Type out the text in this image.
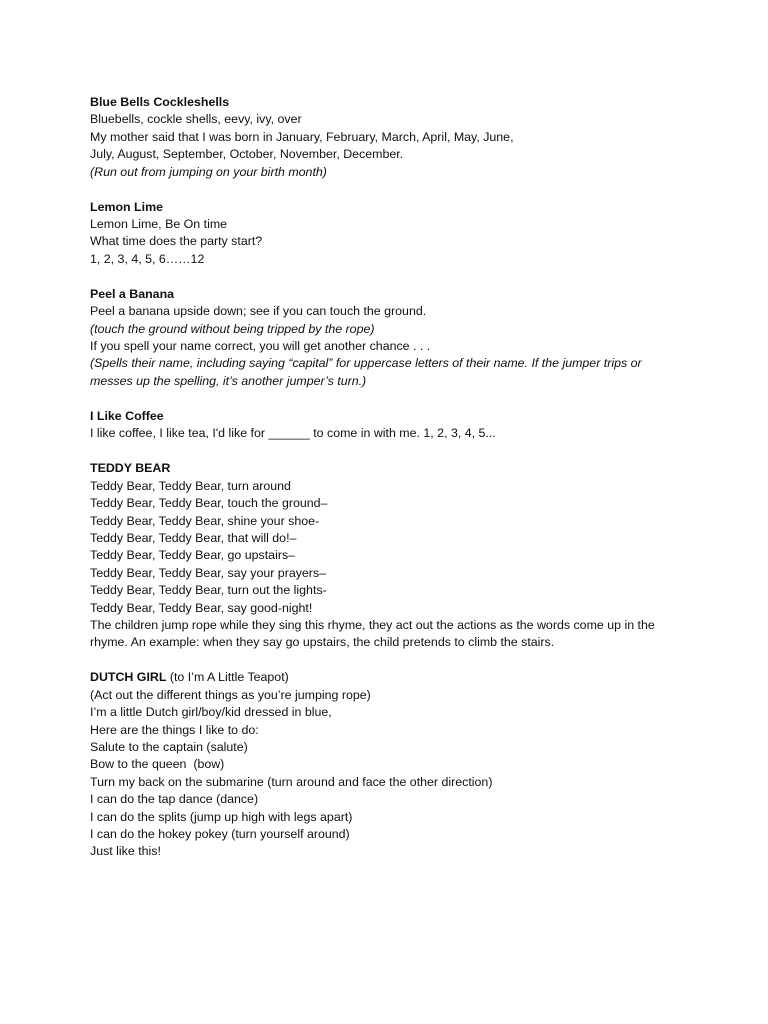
Blue Bells Cockleshells
Bluebells, cockle shells, eevy, ivy, over
My mother said that I was born in January, February, March, April, May, June,
July, August, September, October, November, December.
(Run out from jumping on your birth month)
Lemon Lime
Lemon Lime, Be On time
What time does the party start?
1, 2, 3, 4, 5, 6……12
Peel a Banana
Peel a banana upside down; see if you can touch the ground.
(touch the ground without being tripped by the rope)
If you spell your name correct, you will get another chance . . .
(Spells their name, including saying “capital” for uppercase letters of their name. If the jumper trips or
messes up the spelling, it’s another jumper’s turn.)
I Like Coffee
I like coffee, I like tea, I'd like for ______ to come in with me. 1, 2, 3, 4, 5...
TEDDY BEAR
Teddy Bear, Teddy Bear, turn around
Teddy Bear, Teddy Bear, touch the ground–
Teddy Bear, Teddy Bear, shine your shoe-
Teddy Bear, Teddy Bear, that will do!–
Teddy Bear, Teddy Bear, go upstairs–
Teddy Bear, Teddy Bear, say your prayers–
Teddy Bear, Teddy Bear, turn out the lights-
Teddy Bear, Teddy Bear, say good-night!
The children jump rope while they sing this rhyme, they act out the actions as the words come up in the
rhyme. An example: when they say go upstairs, the child pretends to climb the stairs.
DUTCH GIRL (to I’m A Little Teapot)
(Act out the different things as you’re jumping rope)
I’m a little Dutch girl/boy/kid dressed in blue,
Here are the things I like to do:
Salute to the captain (salute)
Bow to the queen  (bow)
Turn my back on the submarine (turn around and face the other direction)
I can do the tap dance (dance)
I can do the splits (jump up high with legs apart)
I can do the hokey pokey (turn yourself around)
Just like this!
